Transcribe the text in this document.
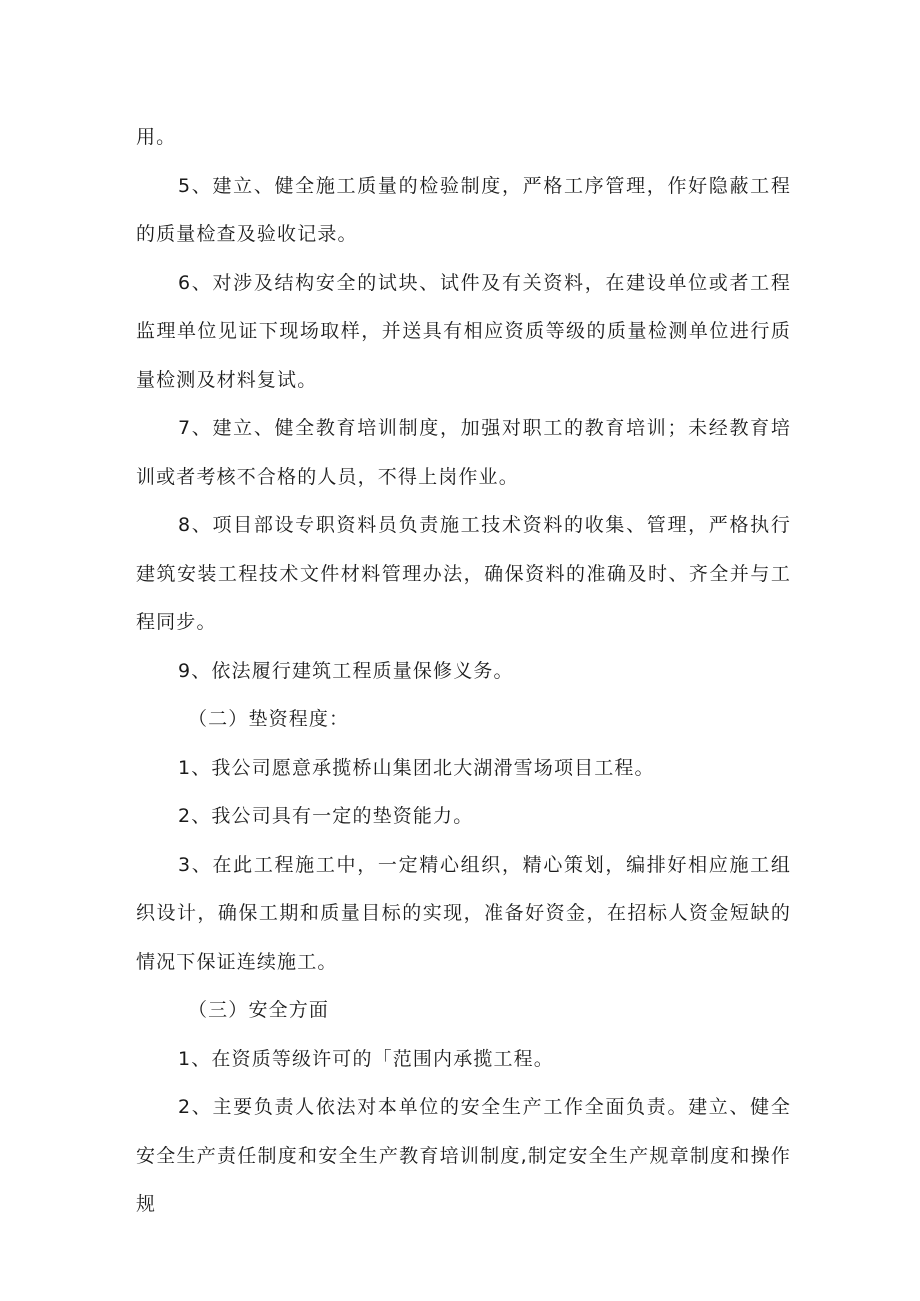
用。

5、建立、健全施工质量的检验制度，严格工序管理，作好隐蔽工程的质量检查及验收记录。

6、对涉及结构安全的试块、试件及有关资料，在建设单位或者工程监理单位见证下现场取样，并送具有相应资质等级的质量检测单位进行质量检测及材料复试。

7、建立、健全教育培训制度，加强对职工的教育培训；未经教育培训或者考核不合格的人员，不得上岗作业。

8、项目部设专职资料员负责施工技术资料的收集、管理，严格执行建筑安装工程技术文件材料管理办法，确保资料的准确及时、齐全并与工程同步。

9、依法履行建筑工程质量保修义务。

（二）垫资程度：

1、我公司愿意承揽桥山集团北大湖滑雪场项目工程。

2、我公司具有一定的垫资能力。

3、在此工程施工中，一定精心组织，精心策划，编排好相应施工组织设计，确保工期和质量目标的实现，准备好资金，在招标人资金短缺的情况下保证连续施工。

（三）安全方面

1、在资质等级许可的「范围内承揽工程。

2、主要负责人依法对本单位的安全生产工作全面负责。建立、健全安全生产责任制度和安全生产教育培训制度,制定安全生产规章制度和操作规
